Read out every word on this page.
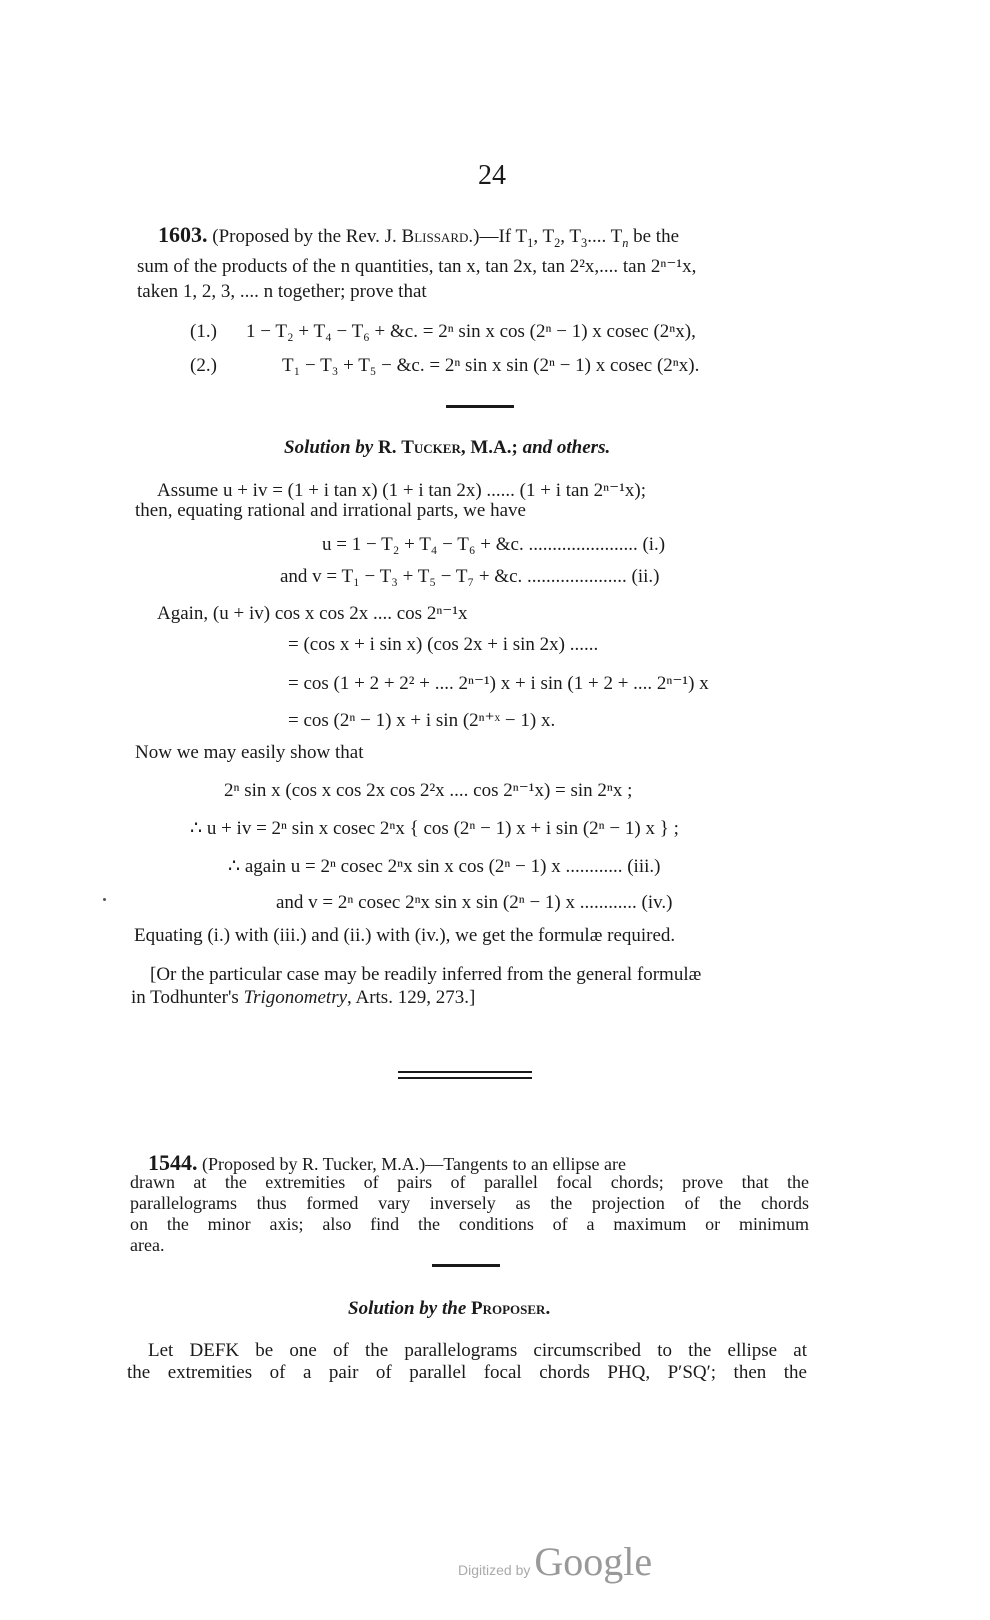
24
1603. (Proposed by the Rev. J. Blissard.)—If $T_1$, $T_2$, $T_3$.... $T_n$ be the
sum of the products of the n quantities, tan x, tan 2x, tan 2²x,.... tan 2ⁿ⁻¹x,
taken 1, 2, 3, .... n together; prove that
(1.) 1 − T₂ + T₄ − T₆ + &c. = 2ⁿ sin x cos (2ⁿ − 1) x cosec (2ⁿx),
(2.)	T₁ − T₃ + T₅ − &c. = 2ⁿ sin x sin (2ⁿ − 1) x cosec (2ⁿx).
Solution by R. Tucker, M.A.; and others.
Assume u + iv = (1 + i tan x) (1 + i tan 2x) ...... (1 + i tan 2ⁿ⁻¹x);
then, equating rational and irrational parts, we have
u = 1 − T₂ + T₄ − T₆ + &c. ....................... (i.)
and v = T₁ − T₃ + T₅ − T₇ + &c. ..................... (ii.)
Again, (u + iv) cos x cos 2x .... cos 2ⁿ⁻¹x
= (cos x + i sin x) (cos 2x + i sin 2x) ......
= cos (1 + 2 + 2² + .... 2ⁿ⁻¹) x + i sin (1 + 2 + .... 2ⁿ⁻¹) x
= cos (2ⁿ − 1) x + i sin (2ⁿ⁺ˣ − 1) x.
Now we may easily show that
2ⁿ sin x (cos x cos 2x cos 2²x .... cos 2ⁿ⁻¹x) = sin 2ⁿx ;
∴ u + iv = 2ⁿ sin x cosec 2ⁿx { cos (2ⁿ − 1) x + i sin (2ⁿ − 1) x } ;
∴ again u = 2ⁿ cosec 2ⁿx sin x cos (2ⁿ − 1) x ............ (iii.)
and v = 2ⁿ cosec 2ⁿx sin x sin (2ⁿ − 1) x ............ (iv.)
Equating (i.) with (iii.) and (ii.) with (iv.), we get the formulæ required.
[Or the particular case may be readily inferred from the general formulæ
in Todhunter's Trigonometry, Arts. 129, 273.]
1544. (Proposed by R. Tucker, M.A.)—Tangents to an ellipse are
drawn at the extremities of pairs of parallel focal chords; prove that the
parallelograms thus formed vary inversely as the projection of the chords
on the minor axis; also find the conditions of a maximum or minimum
area.
Solution by the Proposer.
Let DEFK be one of the parallelograms circumscribed to the ellipse at
the extremities of a pair of parallel focal chords PHQ, P′SQ′; then the
Digitized by Google
